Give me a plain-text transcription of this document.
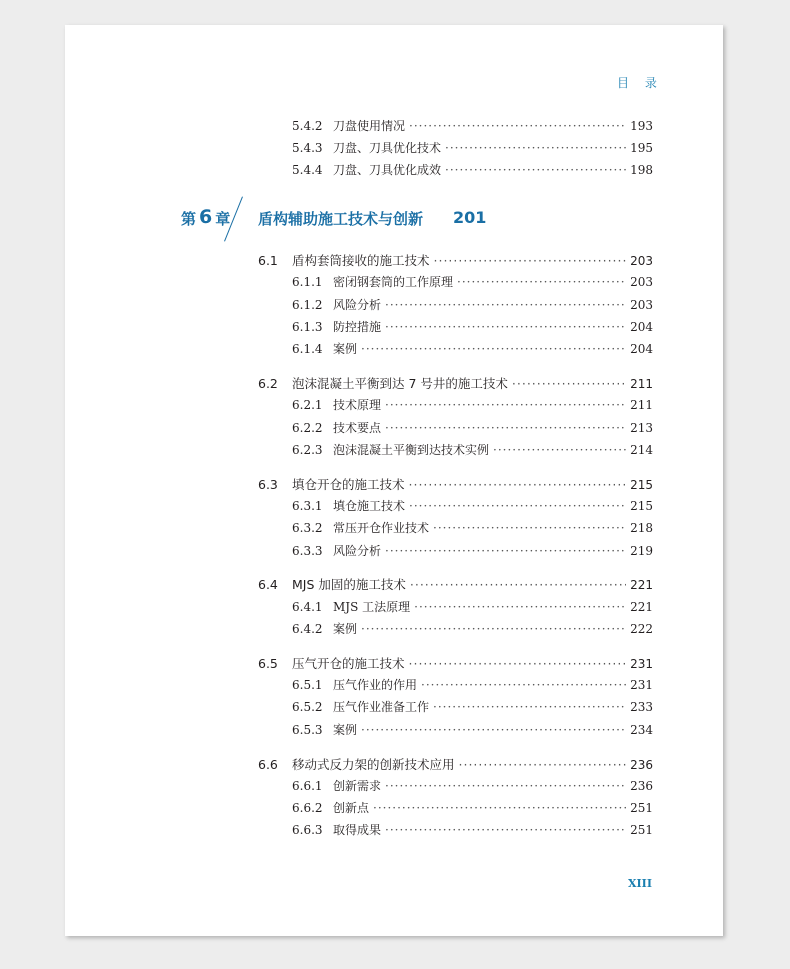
目 录
第 6 章 盾构辅助施工技术与创新 201
5.4.2 刀盘使用情况 ·····	193
5.4.3 刀盘、刀具优化技术 ·····	195
5.4.4 刀盘、刀具优化成效 ·····	198
6.1	盾构套筒接收的施工技术 ·····	203
6.1.1 密闭钢套筒的工作原理 ·····	203
6.1.2 风险分析 ·····	203
6.1.3 防控措施 ·····	204
6.1.4 案例 ·····	204
6.2	泡沫混凝土平衡到达 7 号井的施工技术 ·····	211
6.2.1 技术原理 ·····	211
6.2.2 技术要点 ·····	213
6.2.3 泡沫混凝土平衡到达技术实例 ·····	214
6.3	填仓开仓的施工技术 ·····	215
6.3.1 填仓施工技术 ·····	215
6.3.2 常压开仓作业技术 ·····	218
6.3.3 风险分析 ·····	219
6.4	MJS 加固的施工技术 ·····	221
6.4.1 MJS 工法原理 ·····	221
6.4.2 案例 ·····	222
6.5	压气开仓的施工技术 ·····	231
6.5.1 压气作业的作用 ·····	231
6.5.2 压气作业准备工作 ·····	233
6.5.3 案例 ·····	234
6.6	移动式反力架的创新技术应用 ·····	236
6.6.1 创新需求 ·····	236
6.6.2 创新点 ·····	251
6.6.3 取得成果 ·····	251
XIII
